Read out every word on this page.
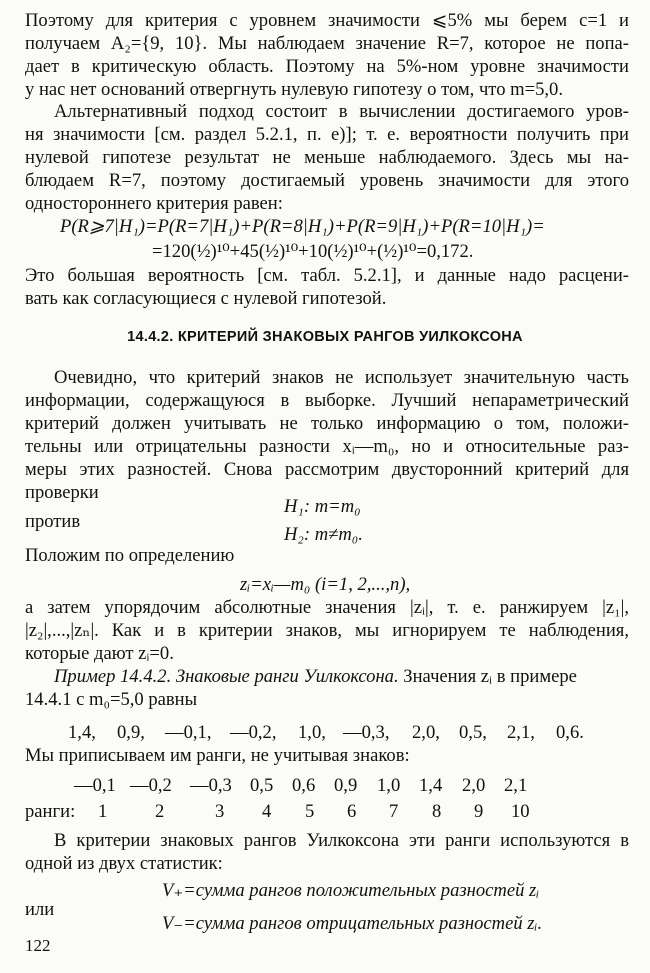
Поэтому для критерия с уровнем значимости ⩽5% мы берем c=1 и
получаем A₂={9, 10}. Мы наблюдаем значение R=7, которое не попа-
дает в критическую область. Поэтому на 5%-ном уровне значимости
у нас нет оснований отвергнуть нулевую гипотезу о том, что m=5,0.
Альтернативный подход состоит в вычислении достигаемого уров-
ня значимости [см. раздел 5.2.1, п. е)]; т. е. вероятности получить при
нулевой гипотезе результат не меньше наблюдаемого. Здесь мы на-
блюдаем R=7, поэтому достигаемый уровень значимости для этого
одностороннего критерия равен:
P(R⩾7|H₁)=P(R=7|H₁)+P(R=8|H₁)+P(R=9|H₁)+P(R=10|H₁)=
=120(½)¹⁰+45(½)¹⁰+10(½)¹⁰+(½)¹⁰=0,172.
Это большая вероятность [см. табл. 5.2.1], и данные надо расцени-
вать как согласующиеся с нулевой гипотезой.
14.4.2. КРИТЕРИЙ ЗНАКОВЫХ РАНГОВ УИЛКОКСОНА
Очевидно, что критерий знаков не использует значительную часть
информации, содержащуюся в выборке. Лучший непараметрический
критерий должен учитывать не только информацию о том, положи-
тельны или отрицательны разности xᵢ—m₀, но и относительные раз-
меры этих разностей. Снова рассмотрим двусторонний критерий для
проверки
H₁: m=m₀
против
H₂: m≠m₀.
Положим по определению
zᵢ=xᵢ—m₀ (i=1, 2,...,n),
а затем упорядочим абсолютные значения |zᵢ|, т. е. ранжируем |z₁|,
|z₂|,...,|zₙ|. Как и в критерии знаков, мы игнорируем те наблюдения,
которые дают zᵢ=0.
Пример 14.4.2. Знаковые ранги Уилкоксона. Значения zᵢ в примере
14.4.1 с m₀=5,0 равны
1,4, 0,9, —0,1, —0,2, 1,0, —0,3, 2,0, 0,5, 2,1, 0,6.
Мы приписываем им ранги, не учитывая знаков:
—0,1 —0,2 —0,3 0,5 0,6 0,9 1,0 1,4 2,0 2,1
ранги: 1	2	3 4 5 6 7 8 9 10
В критерии знаковых рангов Уилкоксона эти ранги используются в
одной из двух статистик:
V₊=сумма рангов положительных разностей zᵢ
или
V₋=сумма рангов отрицательных разностей zᵢ.
122
